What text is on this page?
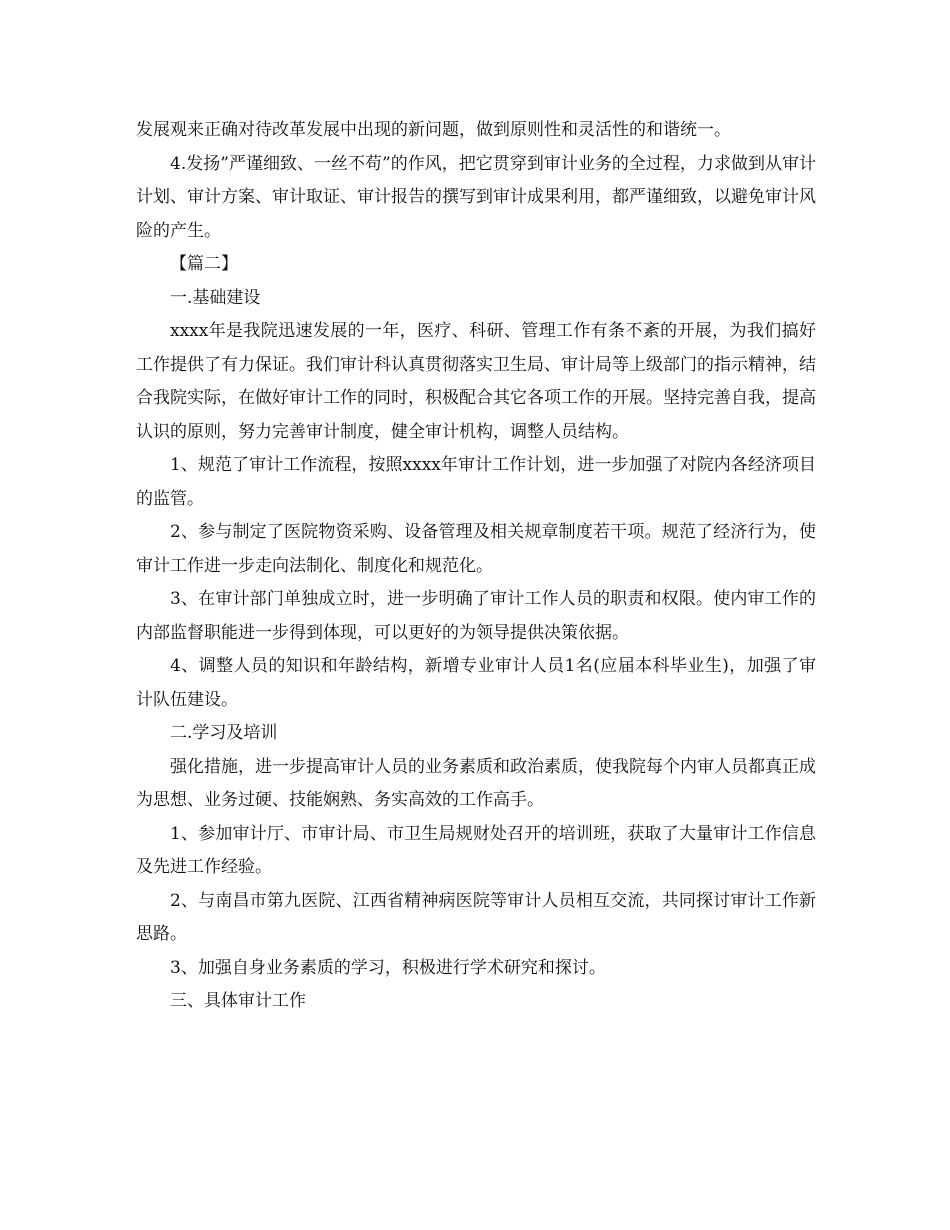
发展观来正确对待改革发展中出现的新问题，做到原则性和灵活性的和谐统一。

4.发扬”严谨细致、一丝不苟”的作风，把它贯穿到审计业务的全过程，力求做到从审计计划、审计方案、审计取证、审计报告的撰写到审计成果利用，都严谨细致，以避免审计风险的产生。

【篇二】

一.基础建设

xxxx年是我院迅速发展的一年，医疗、科研、管理工作有条不紊的开展，为我们搞好工作提供了有力保证。我们审计科认真贯彻落实卫生局、审计局等上级部门的指示精神，结合我院实际，在做好审计工作的同时，积极配合其它各项工作的开展。坚持完善自我，提高认识的原则，努力完善审计制度，健全审计机构，调整人员结构。

1、规范了审计工作流程，按照xxxx年审计工作计划，进一步加强了对院内各经济项目的监管。

2、参与制定了医院物资采购、设备管理及相关规章制度若干项。规范了经济行为，使审计工作进一步走向法制化、制度化和规范化。

3、在审计部门单独成立时，进一步明确了审计工作人员的职责和权限。使内审工作的内部监督职能进一步得到体现，可以更好的为领导提供决策依据。

4、调整人员的知识和年龄结构，新增专业审计人员1名(应届本科毕业生)，加强了审计队伍建设。

二.学习及培训

强化措施，进一步提高审计人员的业务素质和政治素质，使我院每个内审人员都真正成为思想、业务过硬、技能娴熟、务实高效的工作高手。

1、参加审计厅、市审计局、市卫生局规财处召开的培训班，获取了大量审计工作信息及先进工作经验。

2、与南昌市第九医院、江西省精神病医院等审计人员相互交流，共同探讨审计工作新思路。

3、加强自身业务素质的学习，积极进行学术研究和探讨。

三、具体审计工作
